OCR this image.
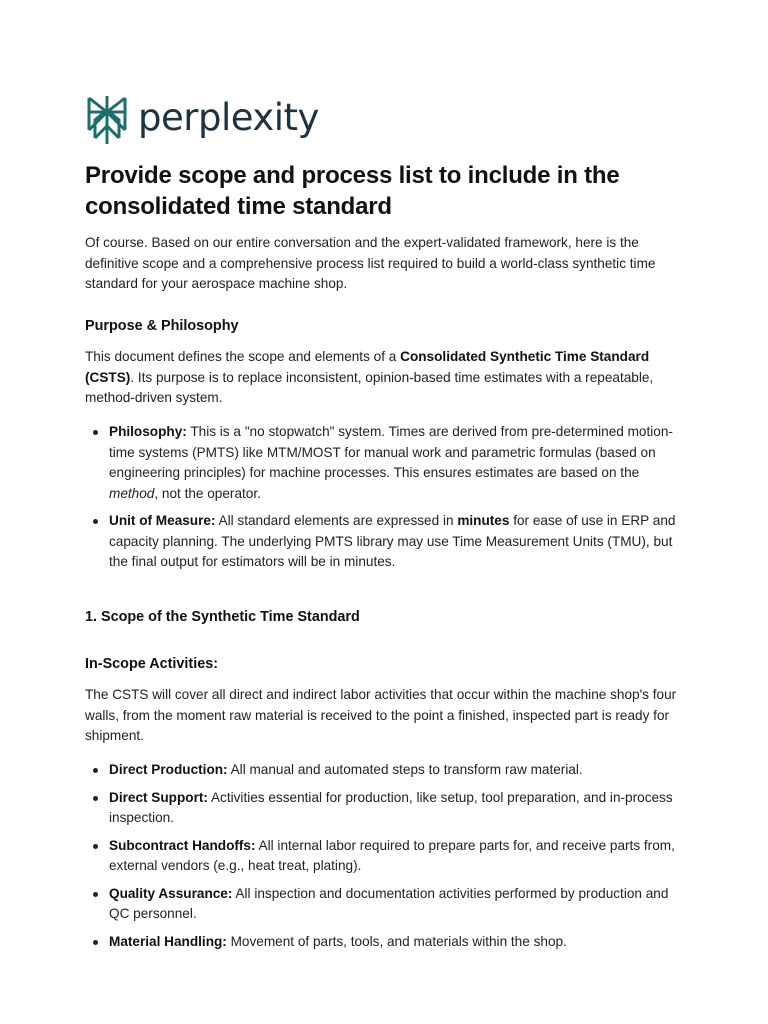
perplexity
Provide scope and process list to include in the consolidated time standard

Of course. Based on our entire conversation and the expert-validated framework, here is the definitive scope and a comprehensive process list required to build a world-class synthetic time standard for your aerospace machine shop.

Purpose & Philosophy

This document defines the scope and elements of a Consolidated Synthetic Time Standard (CSTS). Its purpose is to replace inconsistent, opinion-based time estimates with a repeatable, method-driven system.

Philosophy: This is a "no stopwatch" system. Times are derived from pre-determined motion-time systems (PMTS) like MTM/MOST for manual work and parametric formulas (based on engineering principles) for machine processes. This ensures estimates are based on the method, not the operator.
Unit of Measure: All standard elements are expressed in minutes for ease of use in ERP and capacity planning. The underlying PMTS library may use Time Measurement Units (TMU), but the final output for estimators will be in minutes.
1. Scope of the Synthetic Time Standard
In-Scope Activities:

The CSTS will cover all direct and indirect labor activities that occur within the machine shop's four walls, from the moment raw material is received to the point a finished, inspected part is ready for shipment.

Direct Production: All manual and automated steps to transform raw material.
Direct Support: Activities essential for production, like setup, tool preparation, and in-process inspection.
Subcontract Handoffs: All internal labor required to prepare parts for, and receive parts from, external vendors (e.g., heat treat, plating).
Quality Assurance: All inspection and documentation activities performed by production and QC personnel.
Material Handling: Movement of parts, tools, and materials within the shop.
